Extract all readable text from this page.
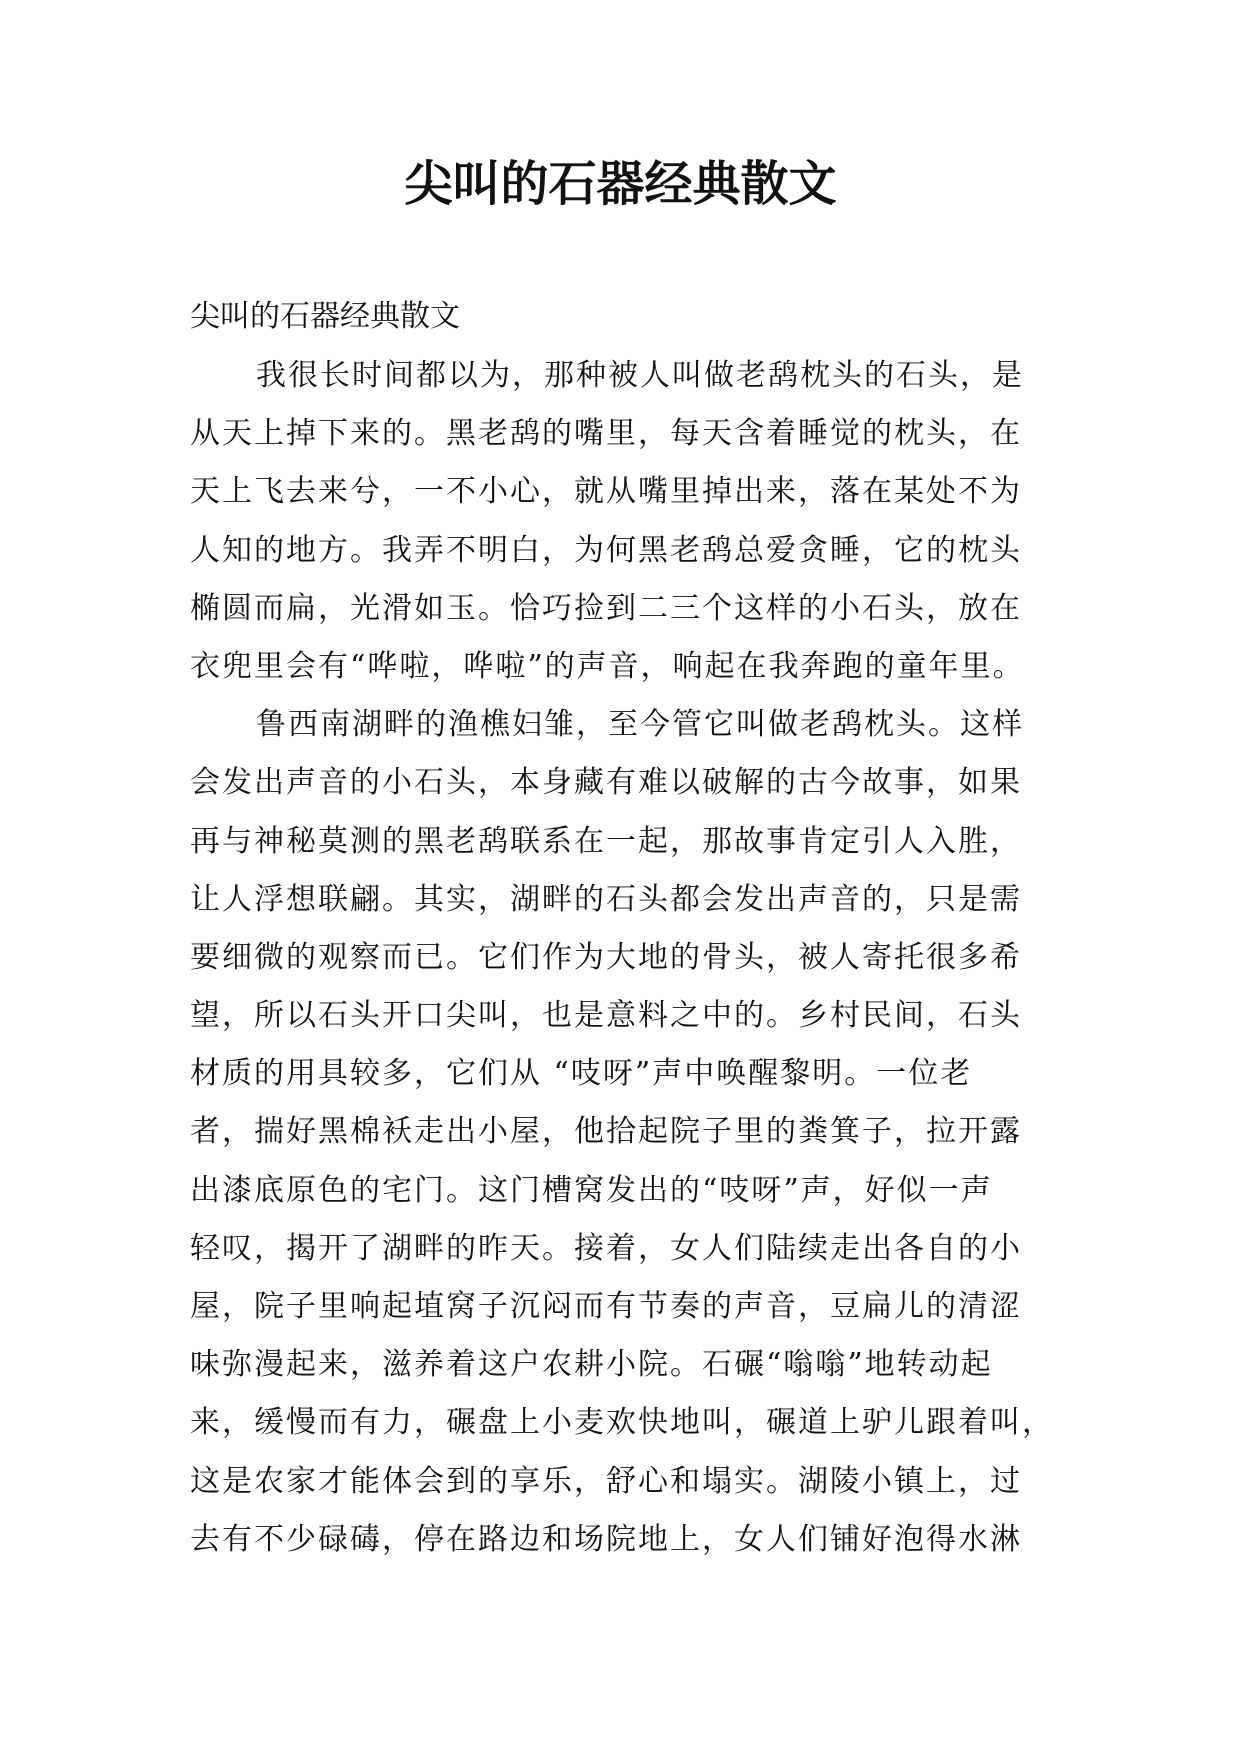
尖叫的石器经典散文

尖叫的石器经典散文

我很长时间都以为，那种被人叫做老鸹枕头的石头，是

从天上掉下来的。黑老鸹的嘴里，每天含着睡觉的枕头，在

天上飞去来兮，一不小心，就从嘴里掉出来，落在某处不为

人知的地方。我弄不明白，为何黑老鸹总爱贪睡，它的枕头

椭圆而扁，光滑如玉。恰巧捡到二三个这样的小石头，放在

衣兜里会有“哗啦，哗啦”的声音，响起在我奔跑的童年里。

鲁西南湖畔的渔樵妇雏，至今管它叫做老鸹枕头。这样

会发出声音的小石头，本身藏有难以破解的古今故事，如果

再与神秘莫测的黑老鸹联系在一起，那故事肯定引人入胜，

让人浮想联翩。其实，湖畔的石头都会发出声音的，只是需

要细微的观察而已。它们作为大地的骨头，被人寄托很多希

望，所以石头开口尖叫，也是意料之中的。乡村民间，石头

材质的用具较多，它们从 “吱呀”声中唤醒黎明。一位老

者，揣好黑棉袄走出小屋，他拾起院子里的粪箕子，拉开露

出漆底原色的宅门。这门槽窝发出的“吱呀”声，好似一声

轻叹，揭开了湖畔的昨天。接着，女人们陆续走出各自的小

屋，院子里响起埴窝子沉闷而有节奏的声音，豆扁儿的清涩

味弥漫起来，滋养着这户农耕小院。石碾“嗡嗡”地转动起

来，缓慢而有力，碾盘上小麦欢快地叫，碾道上驴儿跟着叫，

这是农家才能体会到的享乐，舒心和塌实。湖陵小镇上，过

去有不少碌碡，停在路边和场院地上，女人们铺好泡得水淋
